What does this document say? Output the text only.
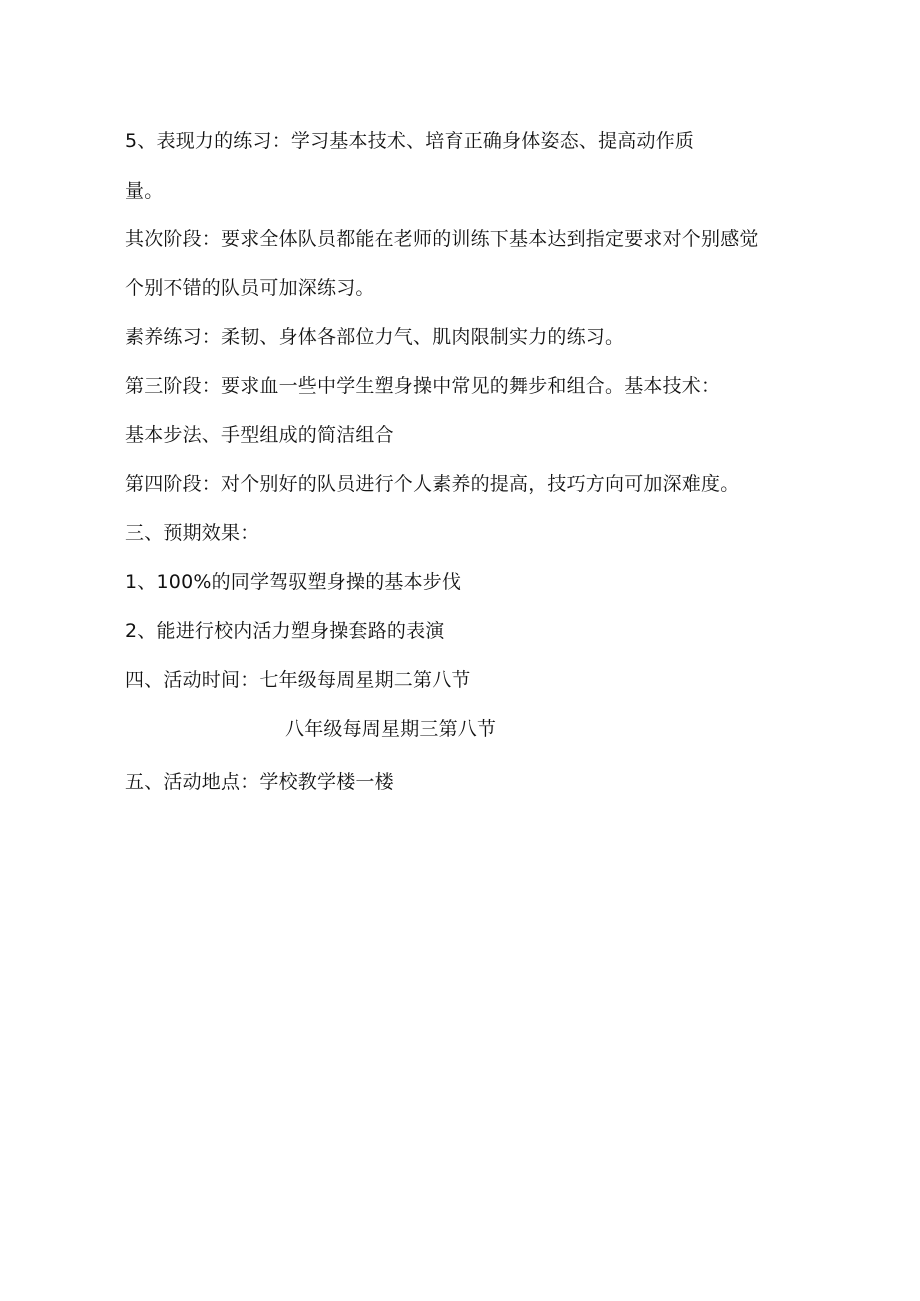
5、表现力的练习：学习基本技术、培育正确身体姿态、提高动作质
量。
其次阶段：要求全体队员都能在老师的训练下基本达到指定要求对个别感觉
个别不错的队员可加深练习。
素养练习：柔韧、身体各部位力气、肌肉限制实力的练习。
第三阶段：要求血一些中学生塑身操中常见的舞步和组合。基本技术：
基本步法、手型组成的简洁组合
第四阶段：对个别好的队员进行个人素养的提高，技巧方向可加深难度。
三、预期效果：
1、100%的同学驾驭塑身操的基本步伐
2、能进行校内活力塑身操套路的表演
四、活动时间：七年级每周星期二第八节
八年级每周星期三第八节
五、活动地点：学校教学楼一楼
